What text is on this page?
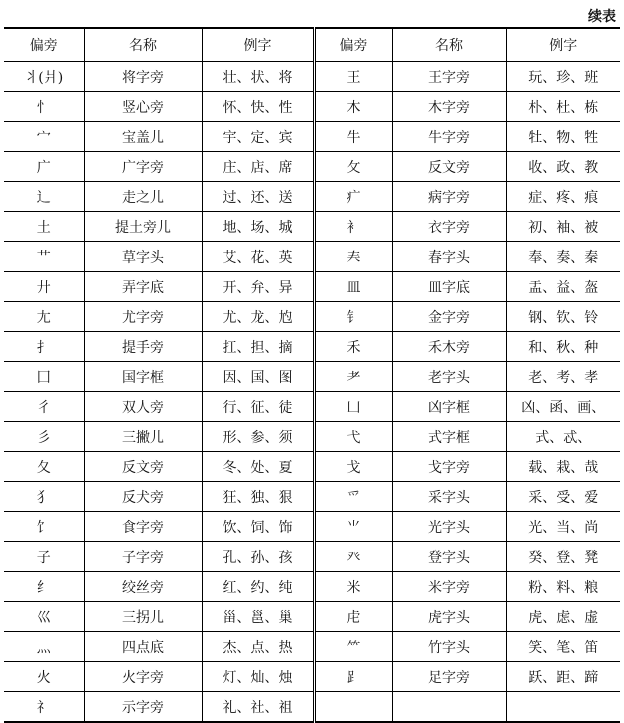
续表
偏旁	名称	例字	偏旁	名称	例字
丬(爿)	将字旁	壮、状、将	王	王字旁	玩、珍、班
忄	竖心旁	怀、快、性	木	木字旁	朴、杜、栋
宀	宝盖儿	宇、定、宾	牛	牛字旁	牡、物、牲
广	广字旁	庄、店、席	攵	反文旁	收、政、教
辶	走之儿	过、还、送	疒	病字旁	症、疼、痕
土	提土旁儿	地、场、城	衤	衣字旁	初、袖、被
艹	草字头	艾、花、英	𡗗	春字头	奉、奏、秦
廾	弄字底	开、弁、异	皿	皿字底	盂、益、盔
尢	尤字旁	尤、龙、尥	钅	金字旁	钢、钦、铃
扌	提手旁	扛、担、摘	禾	禾木旁	和、秋、种
囗	国字框	因、国、图	耂	老字头	老、考、孝
彳	双人旁	行、征、徒	凵	凶字框	凶、函、画、
彡	三撇儿	形、参、须	弋	式字框	式、忒、
夂	反文旁	冬、处、夏	戈	戈字旁	载、栽、哉
犭	反犬旁	狂、独、狠	爫	采字头	采、受、爱
饣	食字旁	饮、饲、饰	⺌	光字头	光、当、尚
子	子字旁	孔、孙、孩	癶	登字头	癸、登、凳
纟	绞丝旁	红、约、纯	米	米字旁	粉、料、粮
巛	三拐儿	甾、邕、巢	虍	虎字头	虎、虑、虚
灬	四点底	杰、点、热	⺮	竹字头	笑、笔、笛
火	火字旁	灯、灿、烛	⻊	足字旁	跃、距、蹄
礻	示字旁	礼、社、祖			
